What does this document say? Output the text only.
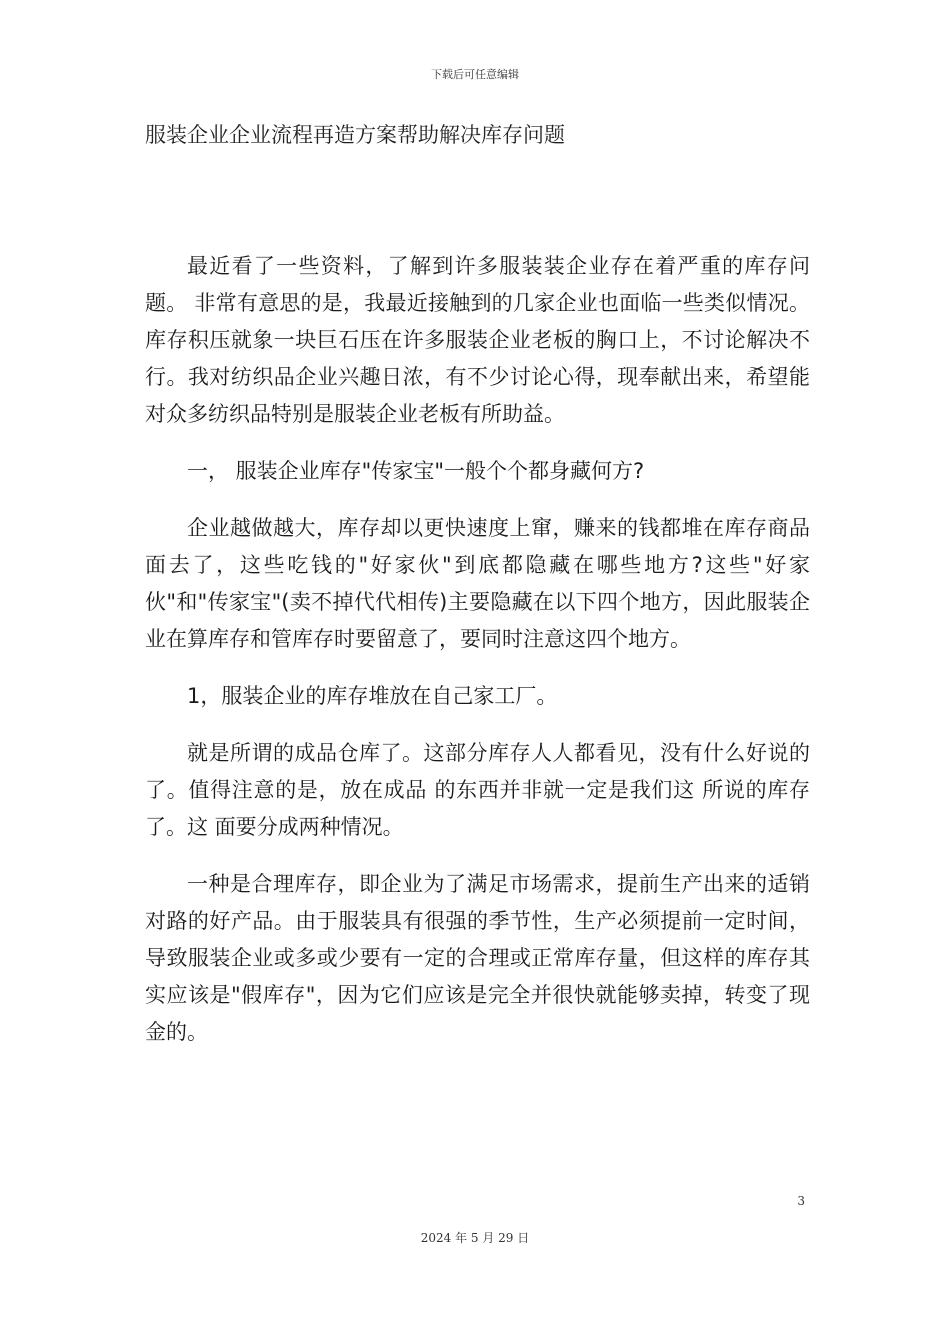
下载后可任意编辑
服装企业企业流程再造方案帮助解决库存问题

最近看了一些资料，了解到许多服装装企业存在着严重的库存问题。 非常有意思的是，我最近接触到的几家企业也面临一些类似情况。库存积压就象一块巨石压在许多服装企业老板的胸口上，不讨论解决不行。我对纺织品企业兴趣日浓，有不少讨论心得，现奉献出来，希望能对众多纺织品特别是服装企业老板有所助益。

一， 服装企业库存"传家宝"一般个个都身藏何方?

企业越做越大，库存却以更快速度上窜，赚来的钱都堆在库存商品 面去了，这些吃钱的"好家伙"到底都隐藏在哪些地方?这些"好家伙"和"传家宝"(卖不掉代代相传)主要隐藏在以下四个地方，因此服装企业在算库存和管库存时要留意了，要同时注意这四个地方。

1，服装企业的库存堆放在自己家工厂。

就是所谓的成品仓库了。这部分库存人人都看见，没有什么好说的了。值得注意的是，放在成品 的东西并非就一定是我们这 所说的库存了。这 面要分成两种情况。

一种是合理库存，即企业为了满足市场需求，提前生产出来的适销对路的好产品。由于服装具有很强的季节性，生产必须提前一定时间，导致服装企业或多或少要有一定的合理或正常库存量，但这样的库存其实应该是"假库存"，因为它们应该是完全并很快就能够卖掉，转变了现金的。

3
2024 年 5 月 29 日
